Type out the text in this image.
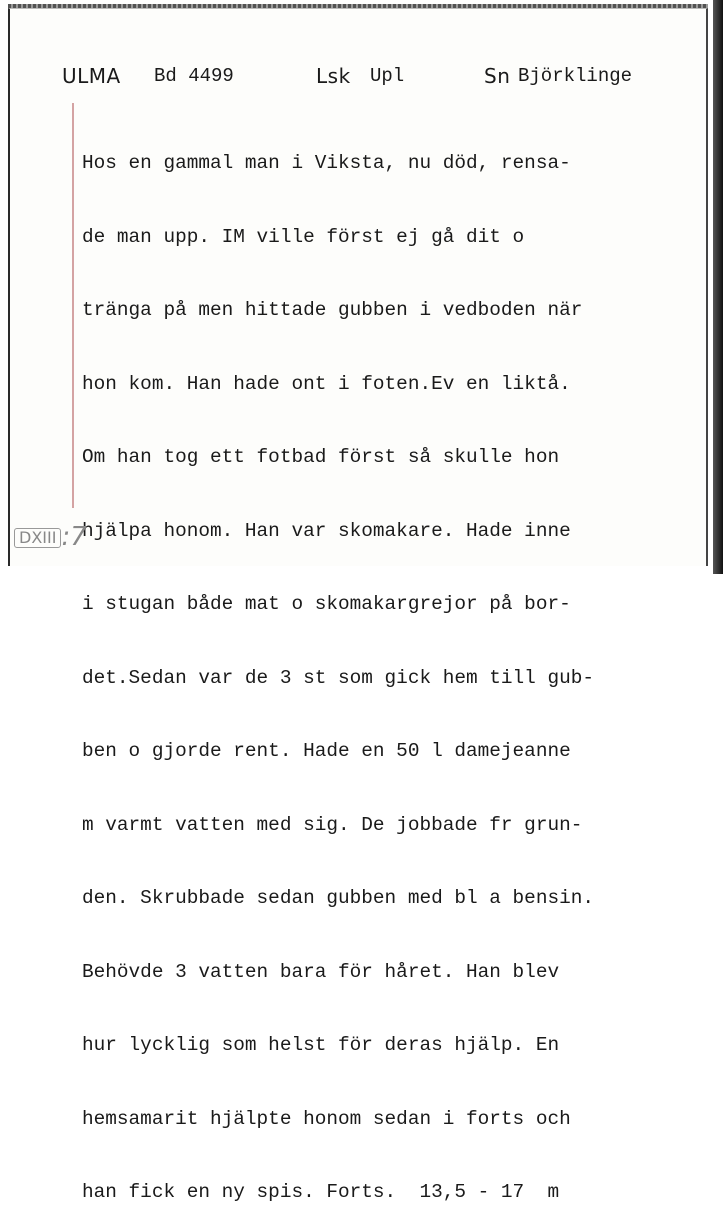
ULMA Bd 4499	Lsk Upl	Sn Björklinge

Hos en gammal man i Viksta, nu död, rensa-

de man upp. IM ville först ej gå dit o

tränga på men hittade gubben i vedboden när

hon kom. Han hade ont i foten.Ev en liktå.

Om han tog ett fotbad först så skulle hon

hjälpa honom. Han var skomakare. Hade inne

i stugan både mat o skomakargrejor på bor-

det.Sedan var de 3 st som gick hem till gub-

ben o gjorde rent. Hade en 50 l damejeanne

m varmt vatten med sig. De jobbade fr grun-

den. Skrubbade sedan gubben med bl a bensin.

Behövde 3 vatten bara för håret. Han blev

hur lycklig som helst för deras hjälp. En

hemsamarit hjälpte honom sedan i forts och

han fick en ny spis. Forts.  13,5 - 17  m

DXIII :7
